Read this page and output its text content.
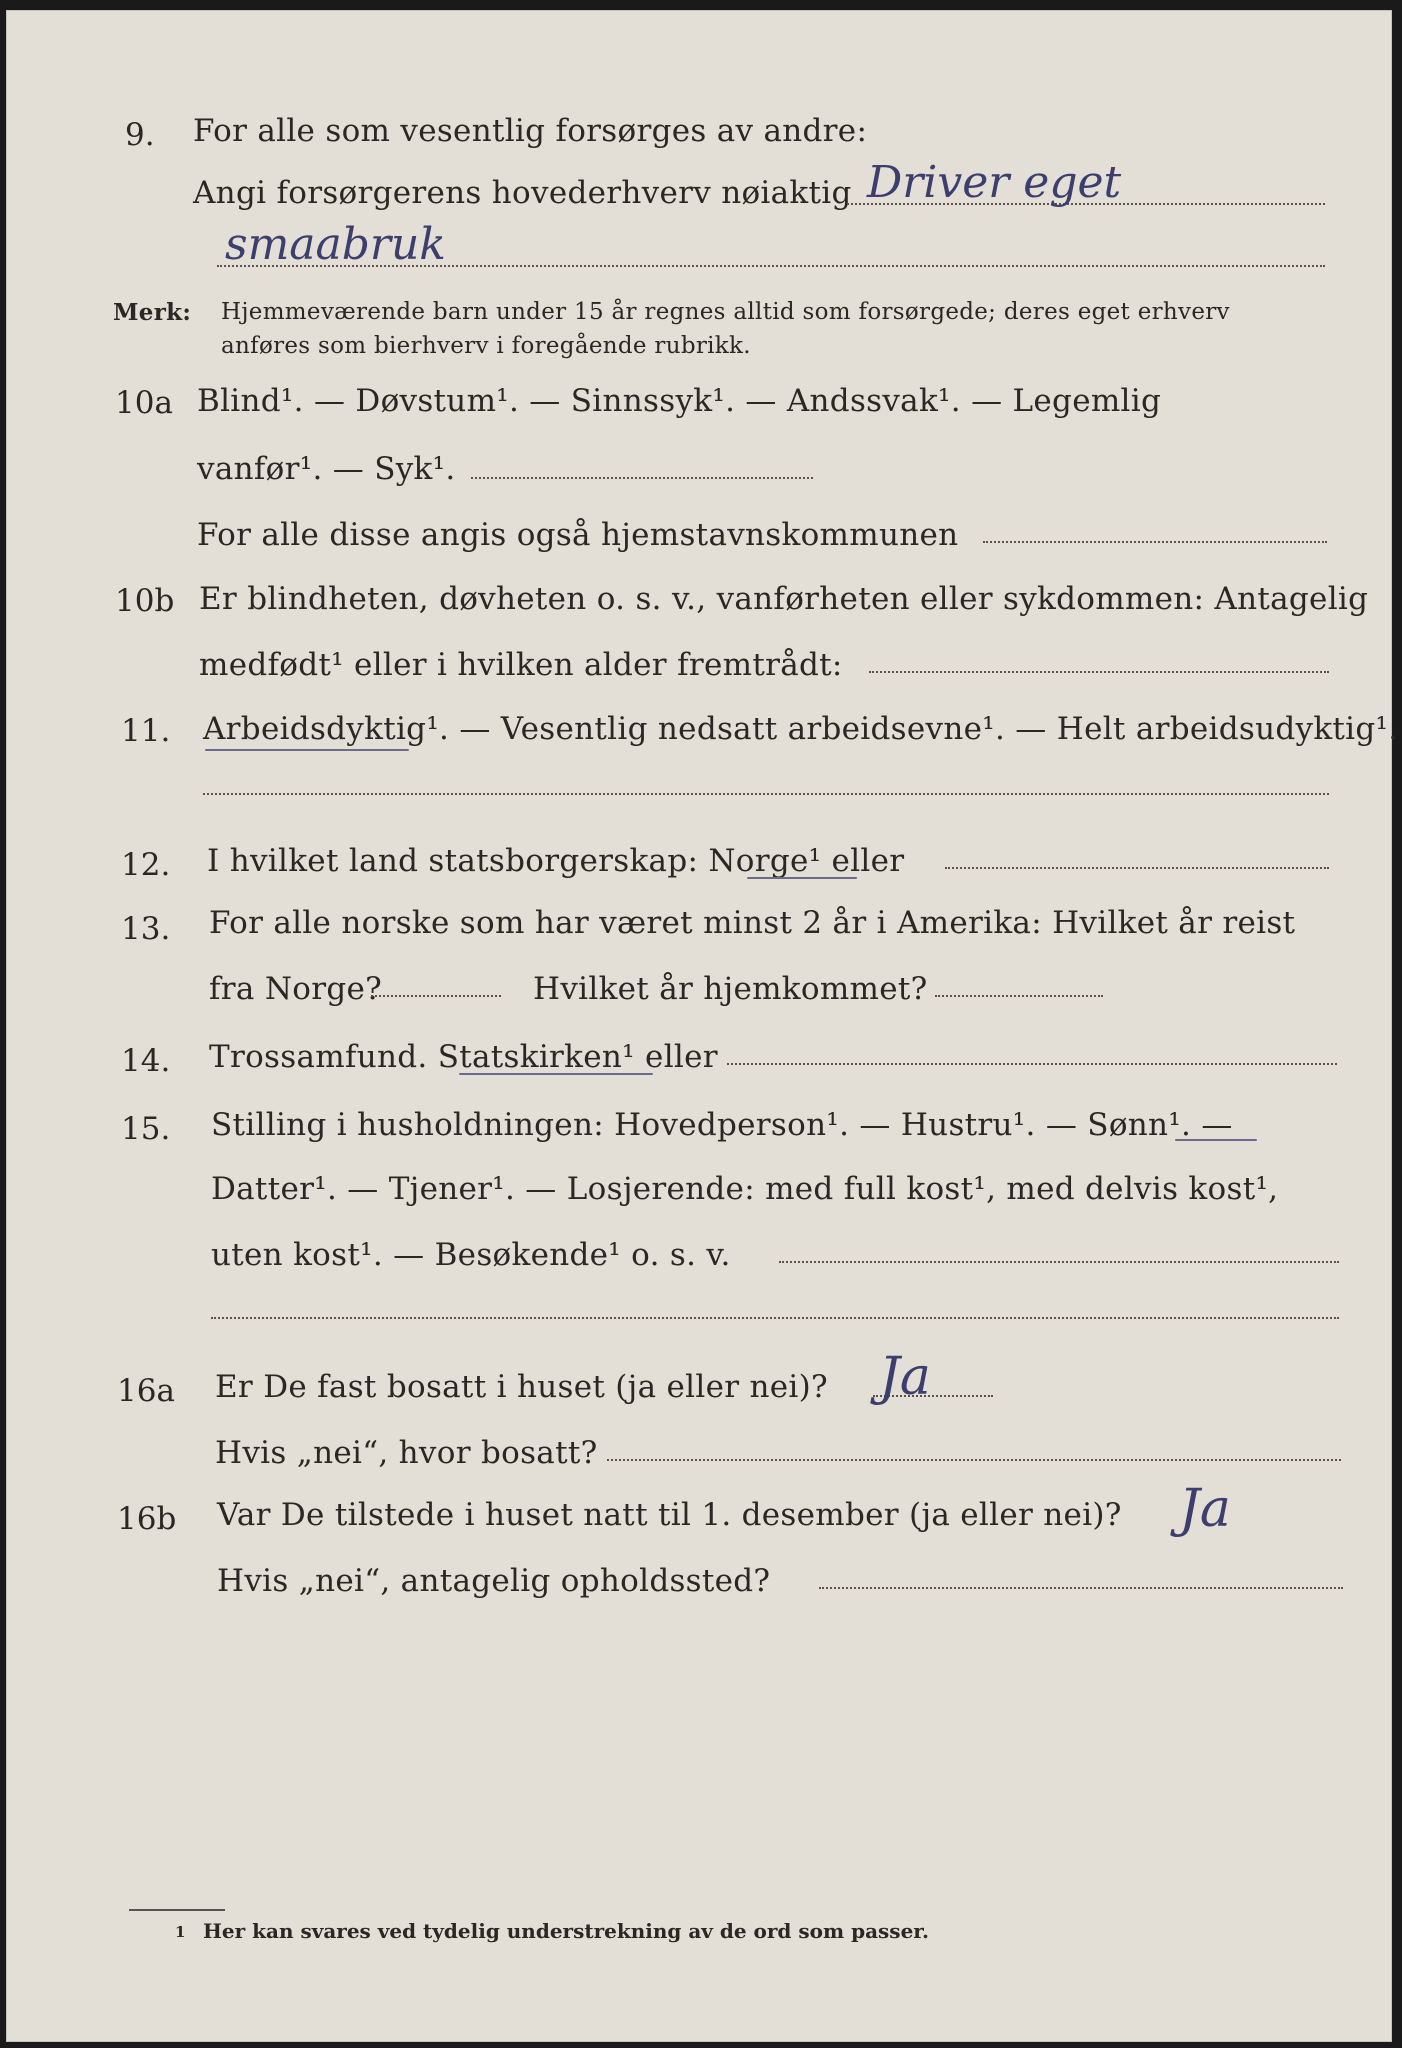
9. For alle som vesentlig forsørges av andre:
Angi forsørgerens hovederhverv nøiaktig Driver eget
smaabruk
Merk: Hjemmeværende barn under 15 år regnes alltid som forsørgede; deres eget erhverv
anføres som bierhverv i foregående rubrikk.
10a Blind¹. — Døvstum¹. — Sinnssyk¹. — Andssvak¹. — Legemlig
vanfør¹. — Syk¹.
For alle disse angis også hjemstavnskommunen
10b Er blindheten, døvheten o. s. v., vanførheten eller sykdommen: Antagelig
medfødt¹ eller i hvilken alder fremtrådt:
11. Arbeidsdyktig¹. — Vesentlig nedsatt arbeidsevne¹. — Helt arbeidsudyktig¹.
12. I hvilket land statsborgerskap: Norge¹ eller
13. For alle norske som har været minst 2 år i Amerika: Hvilket år reist
fra Norge?	Hvilket år hjemkommet?
14. Trossamfund. Statskirken¹ eller
15. Stilling i husholdningen: Hovedperson¹. — Hustru¹. — Sønn¹. —
Datter¹. — Tjener¹. — Losjerende: med full kost¹, med delvis kost¹,
uten kost¹. — Besøkende¹ o. s. v.
16a Er De fast bosatt i huset (ja eller nei)? Ja
Hvis „nei“, hvor bosatt?
16b Var De tilstede i huset natt til 1. desember (ja eller nei)? Ja
Hvis „nei“, antagelig opholdssted?
1 Her kan svares ved tydelig understrekning av de ord som passer.
